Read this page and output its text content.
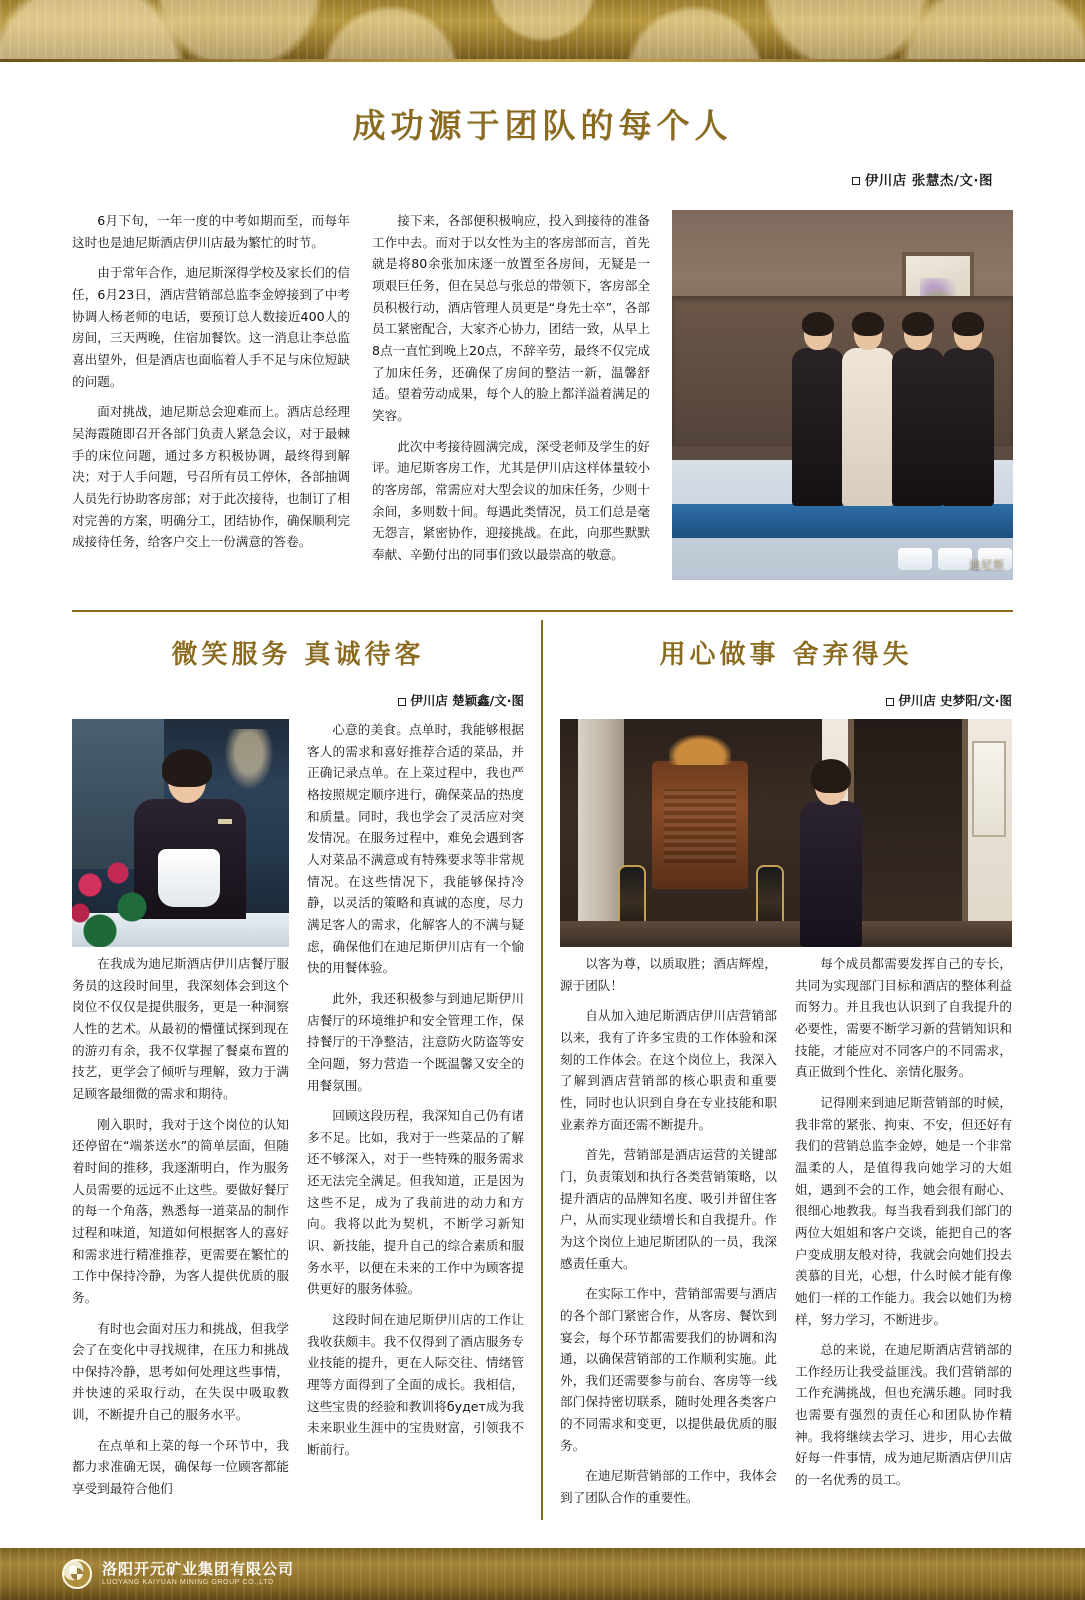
成功源于团队的每个人
伊川店 张慧杰/文·图

6月下旬，一年一度的中考如期而至，而每年这时也是迪尼斯酒店伊川店最为繁忙的时节。

由于常年合作，迪尼斯深得学校及家长们的信任，6月23日，酒店营销部总监李金婷接到了中考协调人杨老师的电话，要预订总人数接近400人的房间，三天两晚，住宿加餐饮。这一消息让李总监喜出望外，但是酒店也面临着人手不足与床位短缺的问题。

面对挑战，迪尼斯总会迎难而上。酒店总经理吴海霞随即召开各部门负责人紧急会议，对于最棘手的床位问题，通过多方积极协调，最终得到解决；对于人手问题，号召所有员工停休，各部抽调人员先行协助客房部；对于此次接待，也制订了相对完善的方案，明确分工，团结协作，确保顺利完成接待任务，给客户交上一份满意的答卷。

接下来，各部便积极响应，投入到接待的准备工作中去。而对于以女性为主的客房部而言，首先就是将80余张加床逐一放置至各房间，无疑是一项艰巨任务，但在吴总与张总的带领下，客房部全员积极行动，酒店管理人员更是“身先士卒”，各部员工紧密配合，大家齐心协力，团结一致，从早上8点一直忙到晚上20点，不辞辛劳，最终不仅完成了加床任务，还确保了房间的整洁一新，温馨舒适。望着劳动成果，每个人的脸上都洋溢着满足的笑容。

此次中考接待圆满完成，深受老师及学生的好评。迪尼斯客房工作，尤其是伊川店这样体量较小的客房部，常需应对大型会议的加床任务，少则十余间，多则数十间。每遇此类情况，员工们总是毫无怨言，紧密协作，迎接挑战。在此，向那些默默奉献、辛勤付出的同事们致以最崇高的敬意。

迪尼斯
微笑服务 真诚待客
伊川店 楚颖鑫/文·图

在我成为迪尼斯酒店伊川店餐厅服务员的这段时间里，我深刻体会到这个岗位不仅仅是提供服务，更是一种洞察人性的艺术。从最初的懵懂试探到现在的游刃有余，我不仅掌握了餐桌布置的技艺，更学会了倾听与理解，致力于满足顾客最细微的需求和期待。

刚入职时，我对于这个岗位的认知还停留在“端茶送水”的简单层面，但随着时间的推移，我逐渐明白，作为服务人员需要的远远不止这些。要做好餐厅的每一个角落，熟悉每一道菜品的制作过程和味道，知道如何根据客人的喜好和需求进行精准推荐，更需要在繁忙的工作中保持冷静，为客人提供优质的服务。

有时也会面对压力和挑战，但我学会了在变化中寻找规律，在压力和挑战中保持冷静，思考如何处理这些事情，并快速的采取行动，在失误中吸取教训，不断提升自己的服务水平。

在点单和上菜的每一个环节中，我都力求准确无误，确保每一位顾客都能享受到最符合他们

心意的美食。点单时，我能够根据客人的需求和喜好推荐合适的菜品，并正确记录点单。在上菜过程中，我也严格按照规定顺序进行，确保菜品的热度和质量。同时，我也学会了灵活应对突发情况。在服务过程中，难免会遇到客人对菜品不满意或有特殊要求等非常规情况。在这些情况下，我能够保持冷静，以灵活的策略和真诚的态度，尽力满足客人的需求，化解客人的不满与疑虑，确保他们在迪尼斯伊川店有一个愉快的用餐体验。

此外，我还积极参与到迪尼斯伊川店餐厅的环境维护和安全管理工作，保持餐厅的干净整洁，注意防火防盗等安全问题，努力营造一个既温馨又安全的用餐氛围。

回顾这段历程，我深知自己仍有诸多不足。比如，我对于一些菜品的了解还不够深入，对于一些特殊的服务需求还无法完全满足。但我知道，正是因为这些不足，成为了我前进的动力和方向。我将以此为契机，不断学习新知识、新技能，提升自己的综合素质和服务水平，以便在未来的工作中为顾客提供更好的服务体验。

这段时间在迪尼斯伊川店的工作让我收获颇丰。我不仅得到了酒店服务专业技能的提升，更在人际交往、情绪管理等方面得到了全面的成长。我相信，这些宝贵的经验和教训将будет成为我未来职业生涯中的宝贵财富，引领我不断前行。

用心做事 舍弃得失
伊川店 史梦阳/文·图

以客为尊，以质取胜；酒店辉煌，源于团队！

自从加入迪尼斯酒店伊川店营销部以来，我有了许多宝贵的工作体验和深刻的工作体会。在这个岗位上，我深入了解到酒店营销部的核心职责和重要性，同时也认识到自身在专业技能和职业素养方面还需不断提升。

首先，营销部是酒店运营的关键部门，负责策划和执行各类营销策略，以提升酒店的品牌知名度、吸引并留住客户，从而实现业绩增长和自我提升。作为这个岗位上迪尼斯团队的一员，我深感责任重大。

在实际工作中，营销部需要与酒店的各个部门紧密合作，从客房、餐饮到宴会，每个环节都需要我们的协调和沟通，以确保营销部的工作顺利实施。此外，我们还需要参与前台、客房等一线部门保持密切联系，随时处理各类客户的不同需求和变更，以提供最优质的服务。

在迪尼斯营销部的工作中，我体会到了团队合作的重要性。

每个成员都需要发挥自己的专长，共同为实现部门目标和酒店的整体利益而努力。并且我也认识到了自我提升的必要性，需要不断学习新的营销知识和技能，才能应对不同客户的不同需求，真正做到个性化、亲情化服务。

记得刚来到迪尼斯营销部的时候，我非常的紧张、拘束、不安，但还好有我们的营销总监李金婷，她是一个非常温柔的人，是值得我向她学习的大姐姐，遇到不会的工作，她会很有耐心、很细心地教我。每当我看到我们部门的两位大姐姐和客户交谈，能把自己的客户变成朋友般对待，我就会向她们投去羡慕的目光，心想，什么时候才能有像她们一样的工作能力。我会以她们为榜样，努力学习，不断进步。

总的来说，在迪尼斯酒店营销部的工作经历让我受益匪浅。我们营销部的工作充满挑战，但也充满乐趣。同时我也需要有强烈的责任心和团队协作精神。我将继续去学习、进步，用心去做好每一件事情，成为迪尼斯酒店伊川店的一名优秀的员工。

洛阳开元矿业集团有限公司
LUOYANG KAIYUAN MINING GROUP CO.,LTD
